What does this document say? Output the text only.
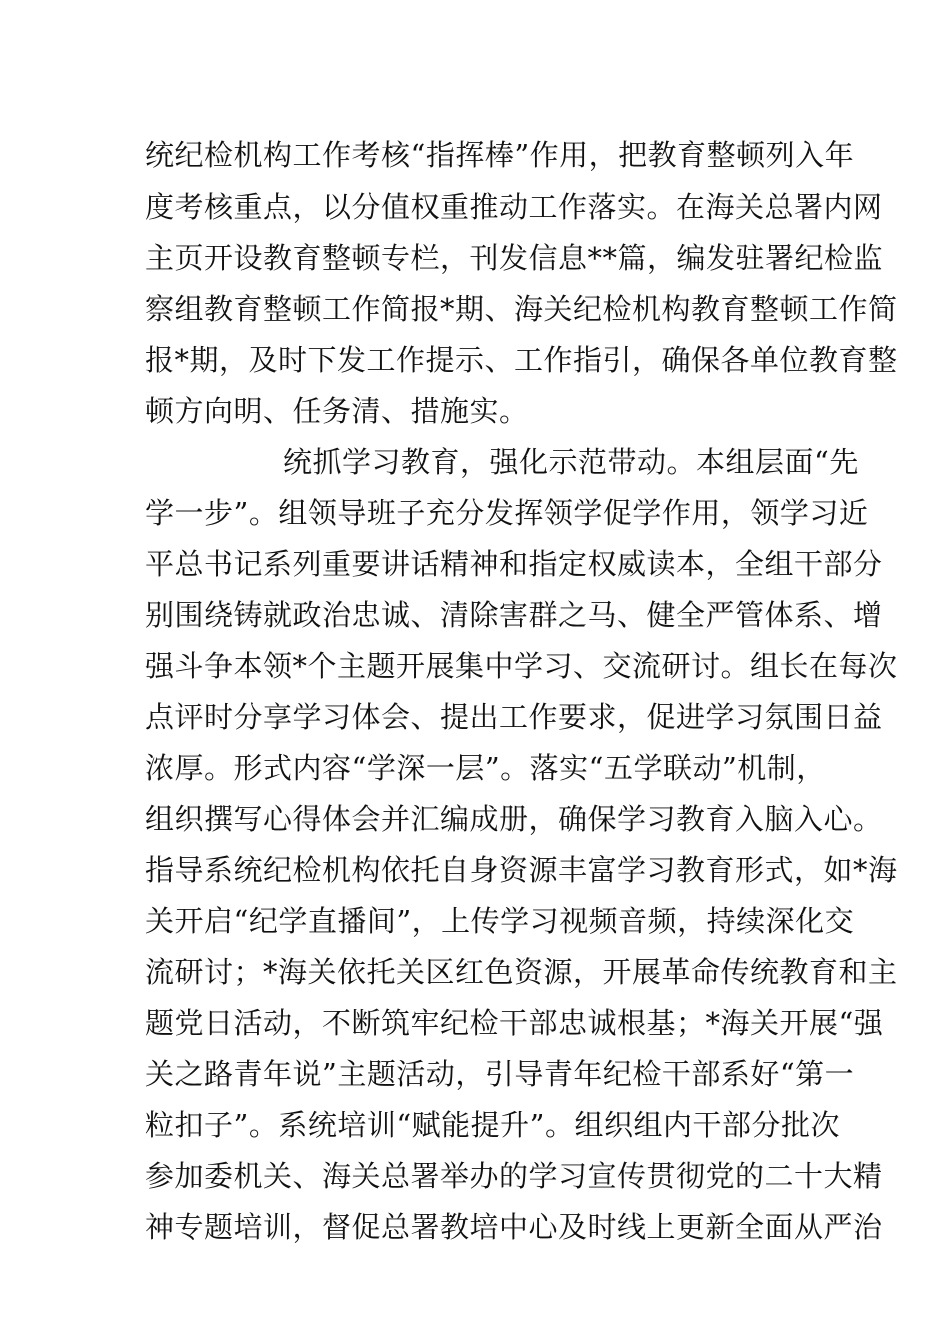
统纪检机构工作考核“指挥棒”作用，把教育整顿列入年
度考核重点，以分值权重推动工作落实。在海关总署内网
主页开设教育整顿专栏，刊发信息**篇，编发驻署纪检监
察组教育整顿工作简报*期、海关纪检机构教育整顿工作简
报*期，及时下发工作提示、工作指引，确保各单位教育整
顿方向明、任务清、措施实。
统抓学习教育，强化示范带动。本组层面“先
学一步”。组领导班子充分发挥领学促学作用，领学习近
平总书记系列重要讲话精神和指定权威读本，全组干部分
别围绕铸就政治忠诚、清除害群之马、健全严管体系、增
强斗争本领*个主题开展集中学习、交流研讨。组长在每次
点评时分享学习体会、提出工作要求，促进学习氛围日益
浓厚。形式内容“学深一层”。落实“五学联动”机制，
组织撰写心得体会并汇编成册，确保学习教育入脑入心。
指导系统纪检机构依托自身资源丰富学习教育形式，如*海
关开启“纪学直播间”，上传学习视频音频，持续深化交
流研讨；*海关依托关区红色资源，开展革命传统教育和主
题党日活动，不断筑牢纪检干部忠诚根基；*海关开展“强
关之路青年说”主题活动，引导青年纪检干部系好“第一
粒扣子”。系统培训“赋能提升”。组织组内干部分批次
参加委机关、海关总署举办的学习宣传贯彻党的二十大精
神专题培训，督促总署教培中心及时线上更新全面从严治
